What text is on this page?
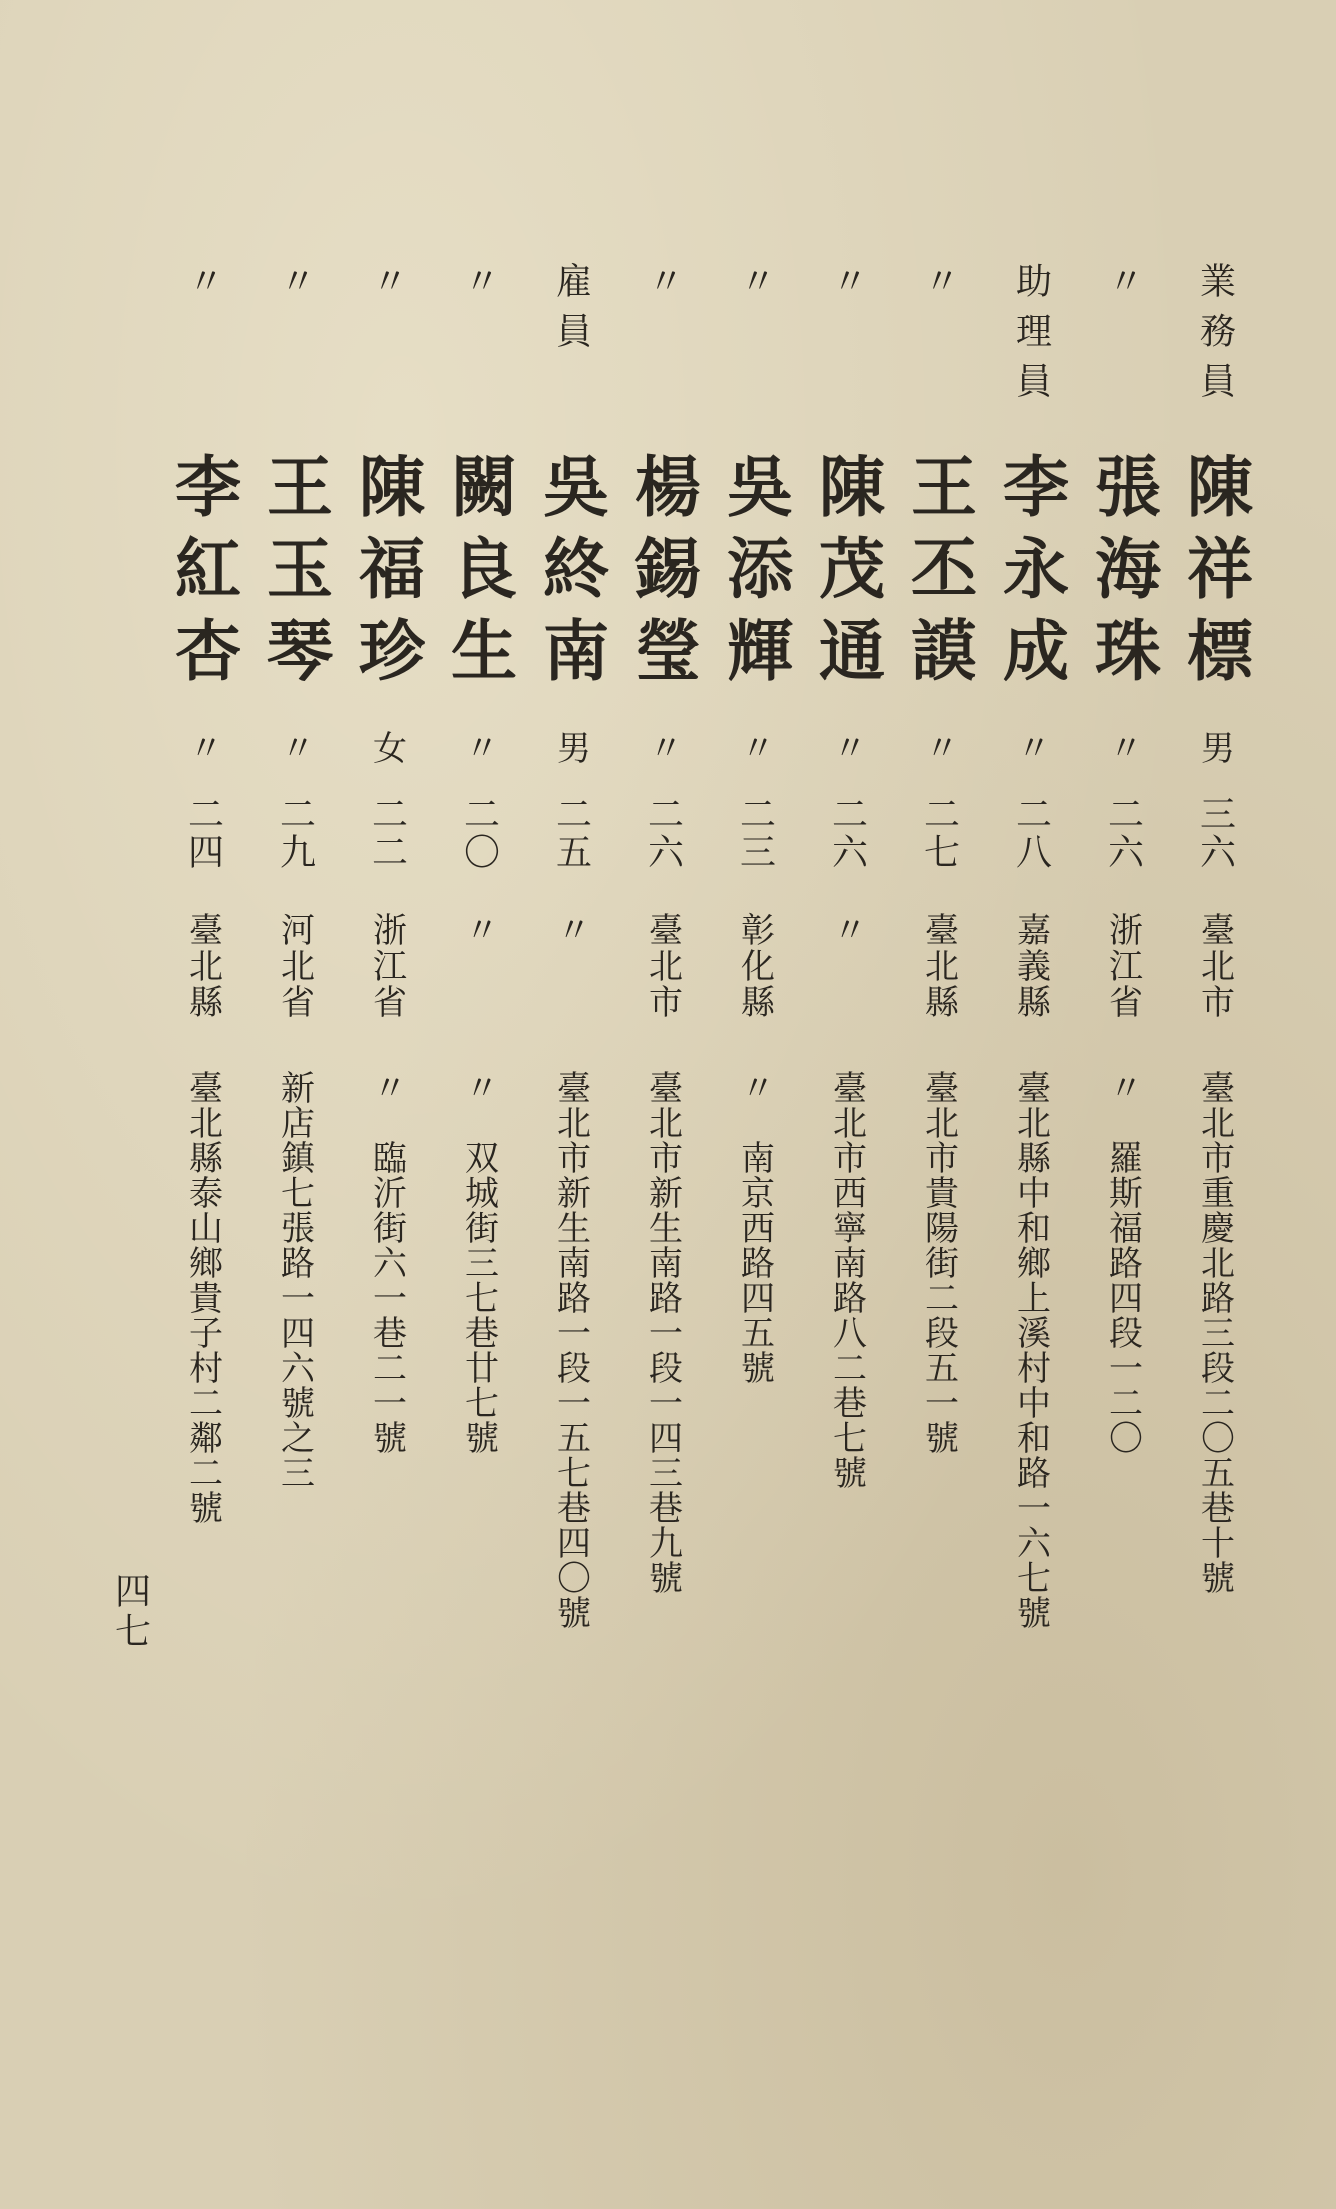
業務員
陳祥標
男
三六
臺北市
臺北市重慶北路三段二〇五巷十號
〃
張海珠
〃
二六
浙江省
〃　羅斯福路四段一二〇
助理員
李永成
〃
二八
嘉義縣
臺北縣中和鄉上溪村中和路一六七號
〃
王丕謨
〃
二七
臺北縣
臺北市貴陽街二段五一號
〃
陳茂通
〃
二六
〃
臺北市西寧南路八二巷七號
〃
吳添輝
〃
二三
彰化縣
〃　南京西路四五號
〃
楊錫瑩
〃
二六
臺北市
臺北市新生南路一段一四三巷九號
雇員
吳終南
男
二五
〃
臺北市新生南路一段一五七巷四〇號
〃
闕良生
〃
二〇
〃
〃　双城街三七巷廿七號
〃
陳福珍
女
二二
浙江省
〃　臨沂街六一巷二一號
〃
王玉琴
〃
二九
河北省
新店鎮七張路一四六號之三
〃
李紅杏
〃
二四
臺北縣
臺北縣泰山鄉貴子村二鄰二號
四七
